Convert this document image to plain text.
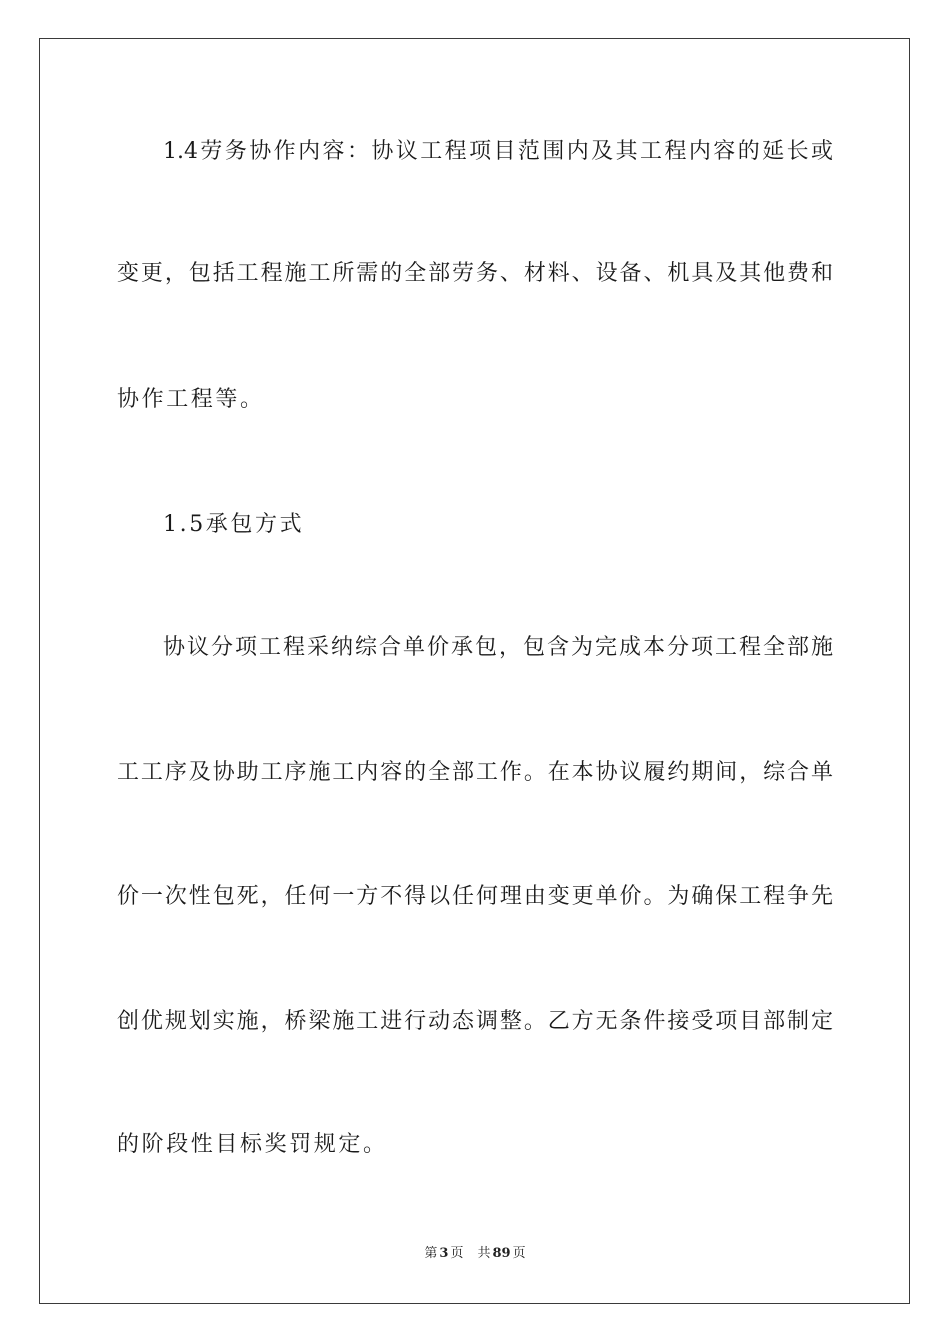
1.4劳务协作内容：协议工程项目范围内及其工程内容的延长或
变更，包括工程施工所需的全部劳务、材料、设备、机具及其他费和
协作工程等。
1.5承包方式
协议分项工程采纳综合单价承包，包含为完成本分项工程全部施
工工序及协助工序施工内容的全部工作。在本协议履约期间，综合单
价一次性包死，任何一方不得以任何理由变更单价。为确保工程争先
创优规划实施，桥梁施工进行动态调整。乙方无条件接受项目部制定
的阶段性目标奖罚规定。
第 3 页 共 89 页
